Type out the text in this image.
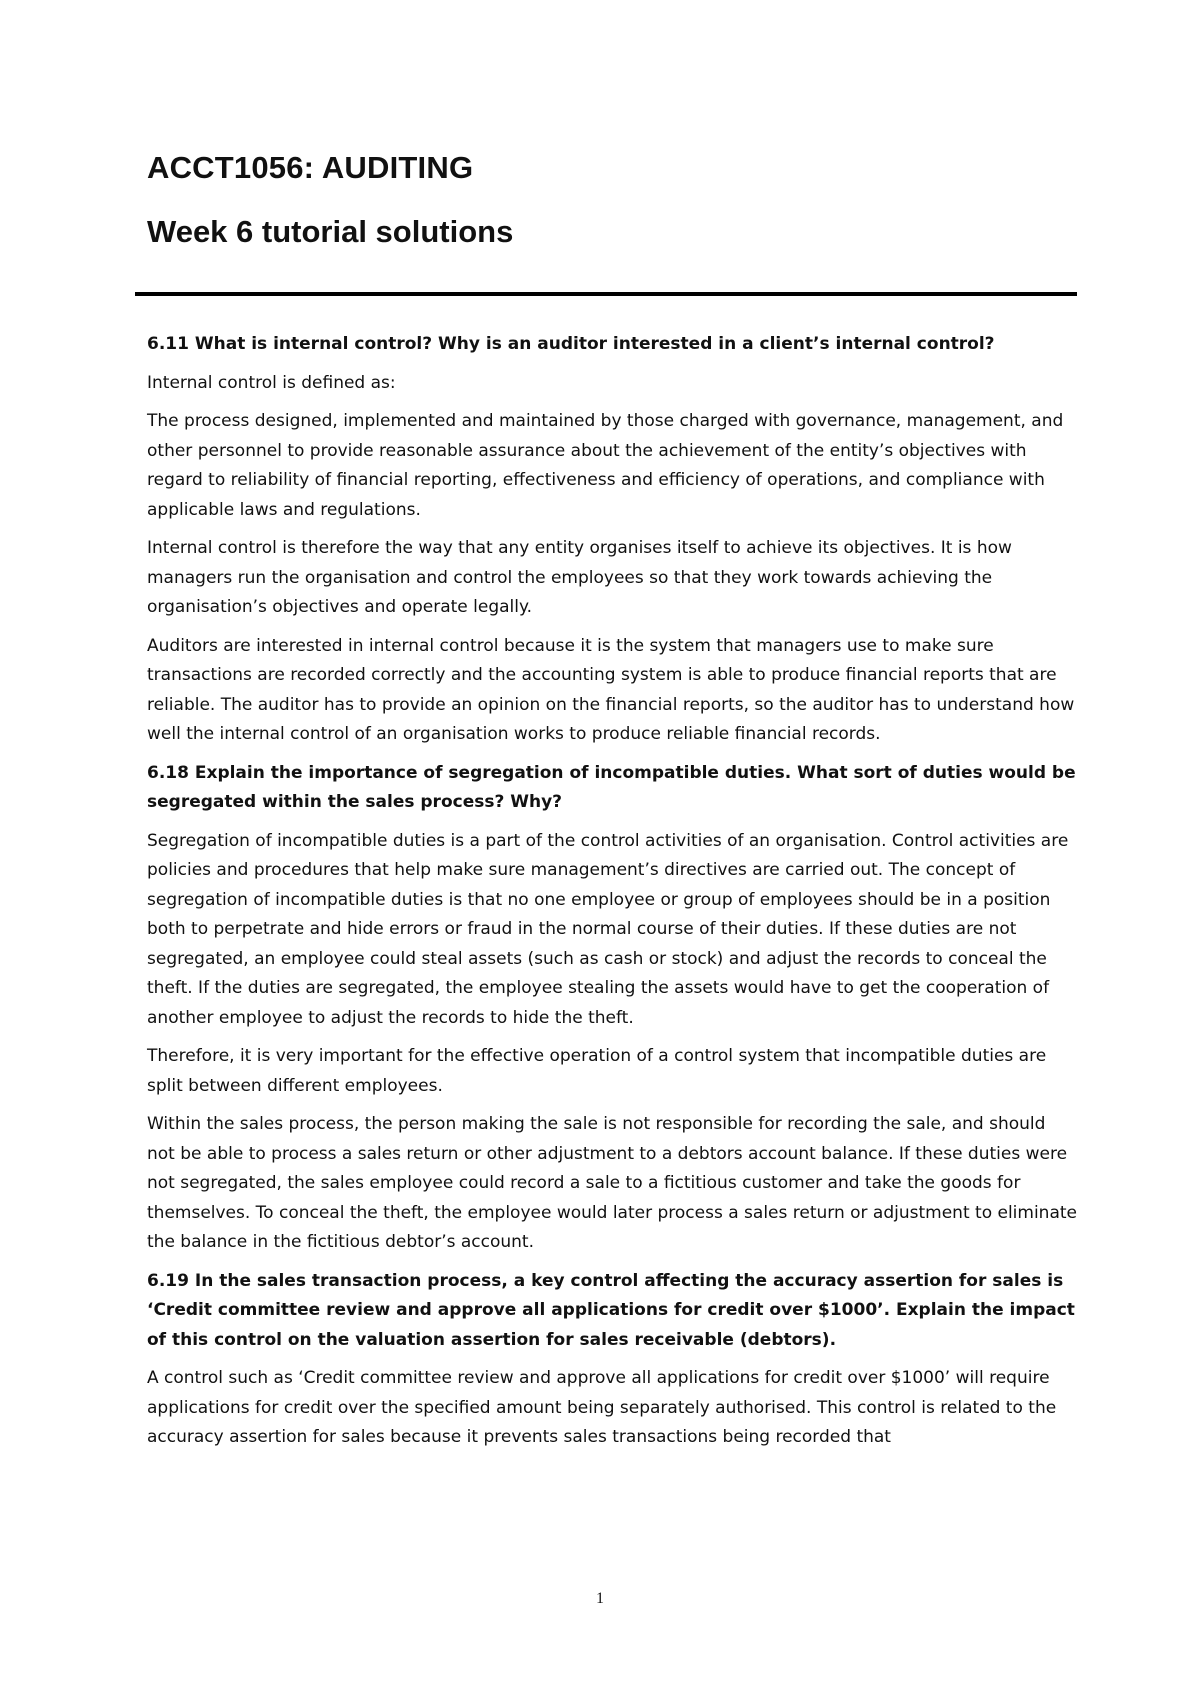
ACCT1056: AUDITING
Week 6 tutorial solutions

6.11 What is internal control? Why is an auditor interested in a client’s internal control?

Internal control is defined as:

The process designed, implemented and maintained by those charged with governance, management, and other personnel to provide reasonable assurance about the achievement of the entity’s objectives with regard to reliability of financial reporting, effectiveness and efficiency of operations, and compliance with applicable laws and regulations.

Internal control is therefore the way that any entity organises itself to achieve its objectives. It is how managers run the organisation and control the employees so that they work towards achieving the organisation’s objectives and operate legally.

Auditors are interested in internal control because it is the system that managers use to make sure transactions are recorded correctly and the accounting system is able to produce financial reports that are reliable. The auditor has to provide an opinion on the financial reports, so the auditor has to understand how well the internal control of an organisation works to produce reliable financial records.

6.18 Explain the importance of segregation of incompatible duties. What sort of duties would be segregated within the sales process? Why?

Segregation of incompatible duties is a part of the control activities of an organisation. Control activities are policies and procedures that help make sure management’s directives are carried out. The concept of segregation of incompatible duties is that no one employee or group of employees should be in a position both to perpetrate and hide errors or fraud in the normal course of their duties. If these duties are not segregated, an employee could steal assets (such as cash or stock) and adjust the records to conceal the theft. If the duties are segregated, the employee stealing the assets would have to get the cooperation of another employee to adjust the records to hide the theft.

Therefore, it is very important for the effective operation of a control system that incompatible duties are split between different employees.

Within the sales process, the person making the sale is not responsible for recording the sale, and should not be able to process a sales return or other adjustment to a debtors account balance. If these duties were not segregated, the sales employee could record a sale to a fictitious customer and take the goods for themselves. To conceal the theft, the employee would later process a sales return or adjustment to eliminate the balance in the fictitious debtor’s account.

6.19 In the sales transaction process, a key control affecting the accuracy assertion for sales is ‘Credit committee review and approve all applications for credit over $1000’. Explain the impact of this control on the valuation assertion for sales receivable (debtors).

A control such as ‘Credit committee review and approve all applications for credit over $1000’ will require applications for credit over the specified amount being separately authorised. This control is related to the accuracy assertion for sales because it prevents sales transactions being recorded that

1
